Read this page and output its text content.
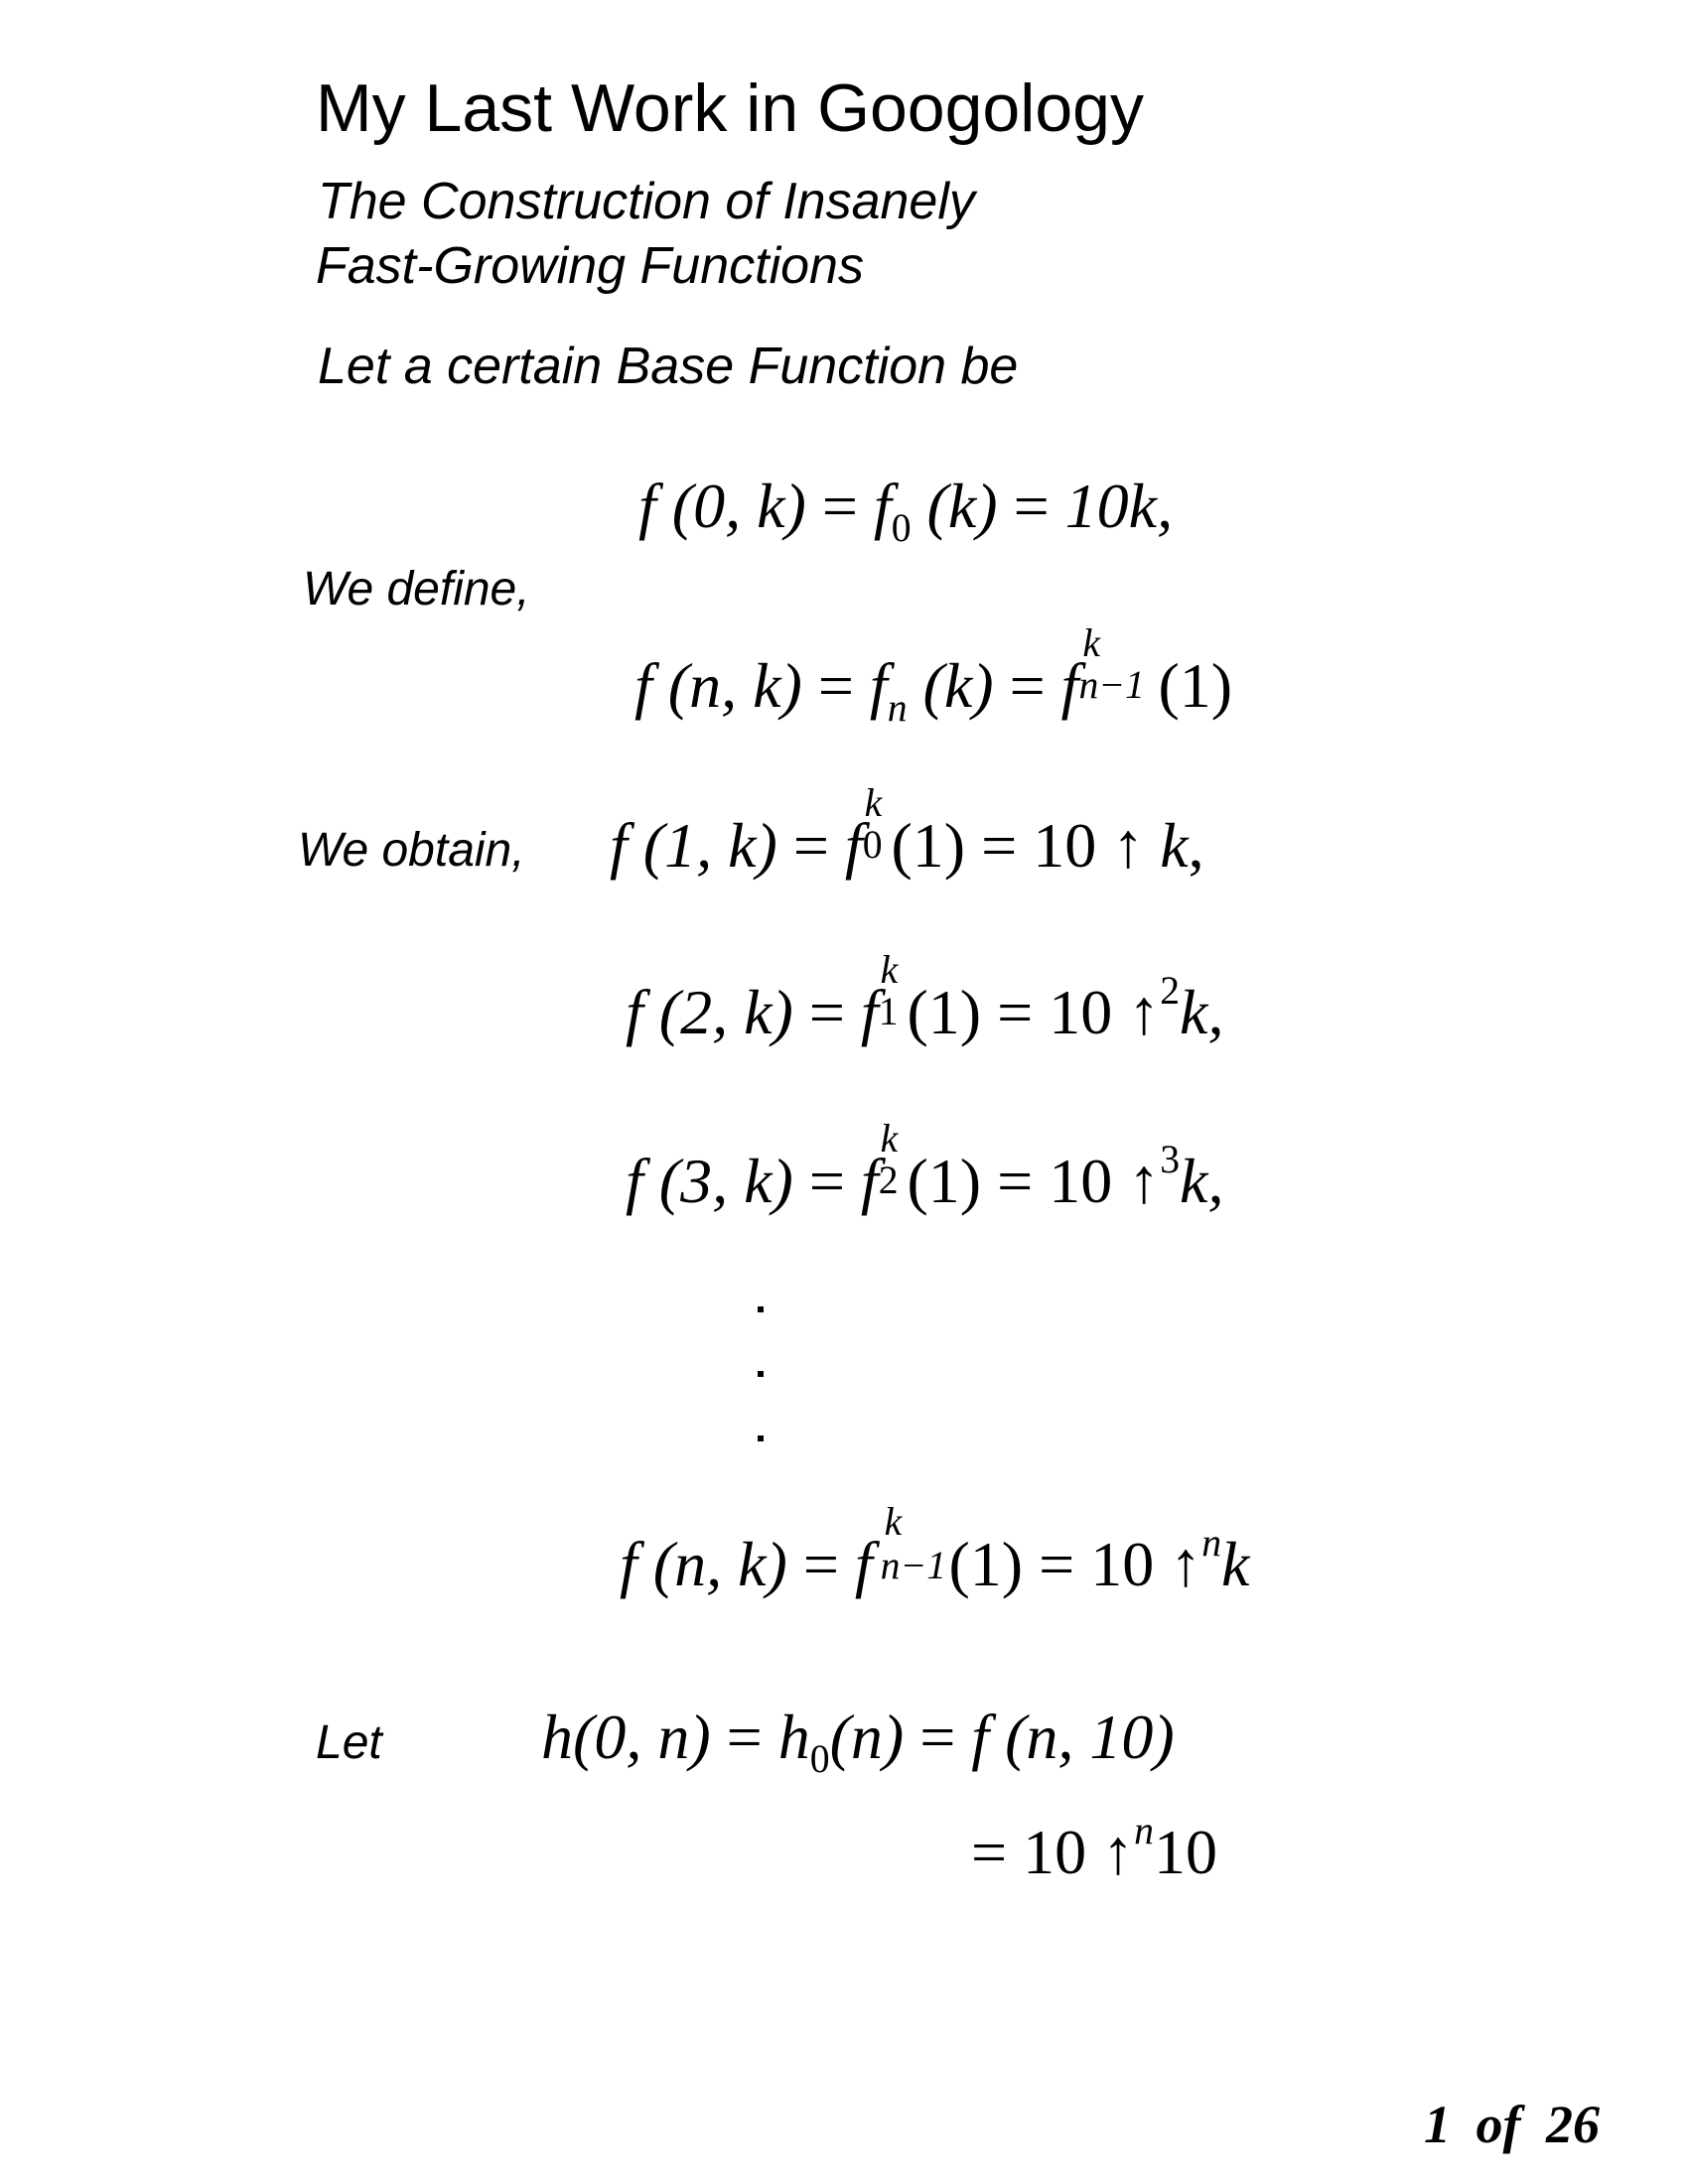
My Last Work in Googology
The Construction of Insanely
Fast-Growing Functions
Let a certain Base Function be
f (0, $k) = f_0$ (k) = 10k,
We define,
f (n, $k) = f_n$ (k) = f
k
n−1 (1)
We obtain, f (1, k) = f
k
0 (1) = 10 ↑ k,
f (2, k) = f
k
1 (1) = 10 ↑$^2$k,
f (3, k) = f
k
2 (1) = 10 ↑$^3$k,
f (n, k) = f
k
n−1 (1) = 10 ↑$^n$k
Let	h(0, $n) = h_0(n) = f$ (n, 10)
= 10 ↑$^n$10
1 of 26
